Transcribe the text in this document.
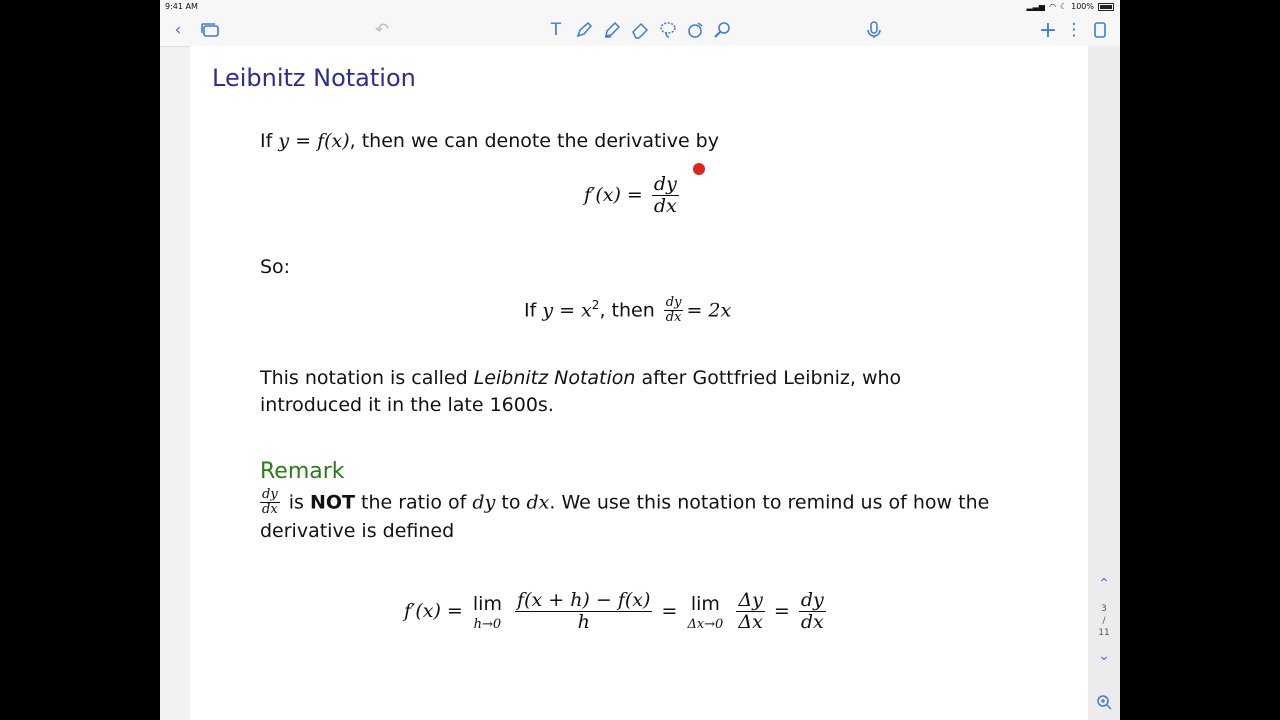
9:41 AM	▂▃▅ ◠ ☾ 100%
‹	↶	T	+ ⋮
Leibnitz Notation
If y = f(x), then we can denote the derivative by
$f'(x) = \frac{dy}{dx}$
So:
If $y = x^2$, then $\frac{dy}{dx} = 2x$
This notation is called Leibnitz Notation after Gottfried Leibniz, who
introduced it in the late 1600s.
Remark
$\frac{dy}{dx}$ is NOT the ratio of dy to dx. We use this notation to remind us of how the
derivative is defined
f′(x) = lim
h→0
$\frac{f(x + h) - f(x)}{h} = \lim$
Δx→0
$\frac{\Delta y}{\Delta x} = \frac{dy}{dx}$
⌃
3
/
11
⌄
